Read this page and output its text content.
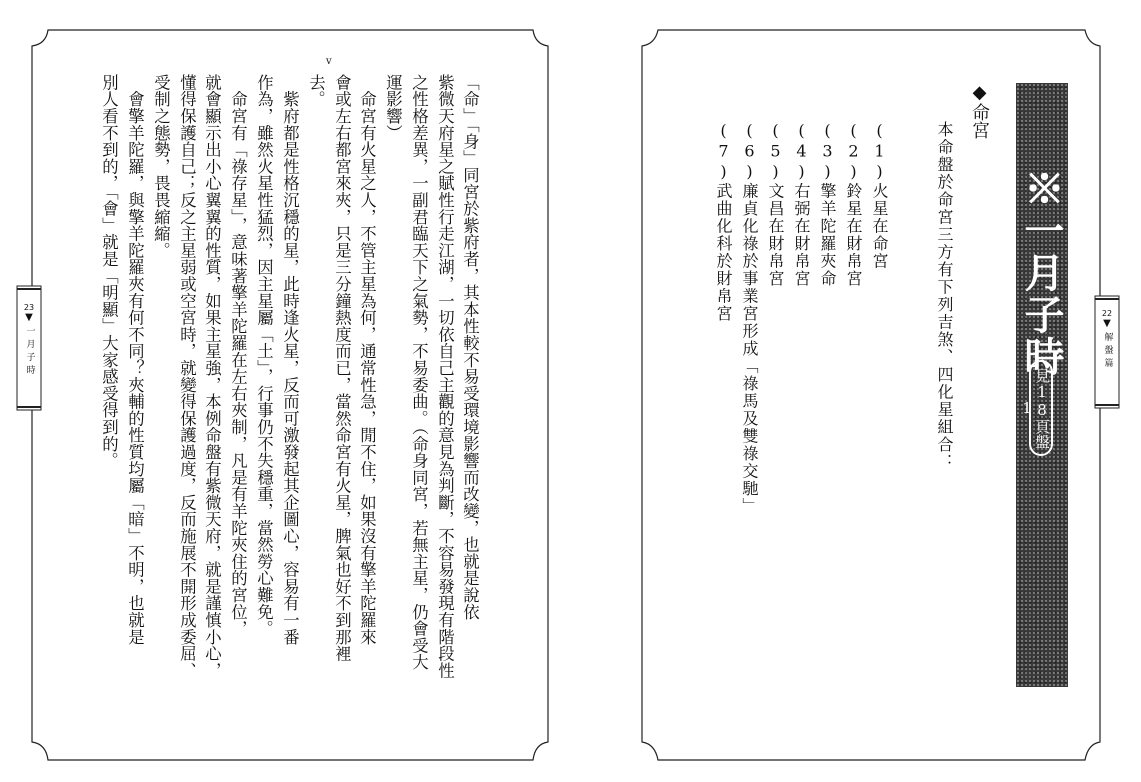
v
23
▼
一月子時	「命」「身」同宮於紫府者，其本性較不易受環境影響而改變，也就是說依
紫微天府星之賦性行走江湖，一切依自己主觀的意見為判斷，不容易發現有階段性
之性格差異，一副君臨天下之氣勢，不易委曲。（命身同宮，若無主星，仍會受大
運影響）
　命宮有火星之人，不管主星為何，通常性急，閒不住，如果沒有擎羊陀羅來
會或左右都宮來夾，只是三分鐘熱度而已，當然命宮有火星，脾氣也好不到那裡
去。
　紫府都是性格沉穩的星，此時逢火星，反而可激發起其企圖心，容易有一番
作為，雖然火星性猛烈，因主星屬「土」，行事仍不失穩重，當然勞心難免。
　命宮有「祿存星」，意味著擎羊陀羅在左右夾制，凡是有羊陀夾住的宮位，
就會顯示出小心翼翼的性質，如果主星強，本例命盤有紫微天府，就是謹慎小心，
懂得保護自己；反之主星弱或空宮時，就變得保護過度，反而施展不開形成委屈、
受制之態勢，畏畏縮縮。
　會擎羊陀羅，與擎羊陀羅夾有何不同？夾輔的性質均屬「暗」不明，也就是
別人看不到的，「會」就是「明顯」大家感受得到的。	※一月子時
見18頁盤1
22
▼
解盤篇
◆命宮
本命盤於命宮三方有下列吉煞、四化星組合：
(1)火星在命宮
(2)鈴星在財帛宮
(3)擎羊陀羅夾命
(4)右弼在財帛宮
(5)文昌在財帛宮
(6)廉貞化祿於事業宮形成「祿馬及雙祿交馳」
(7)武曲化科於財帛宮
